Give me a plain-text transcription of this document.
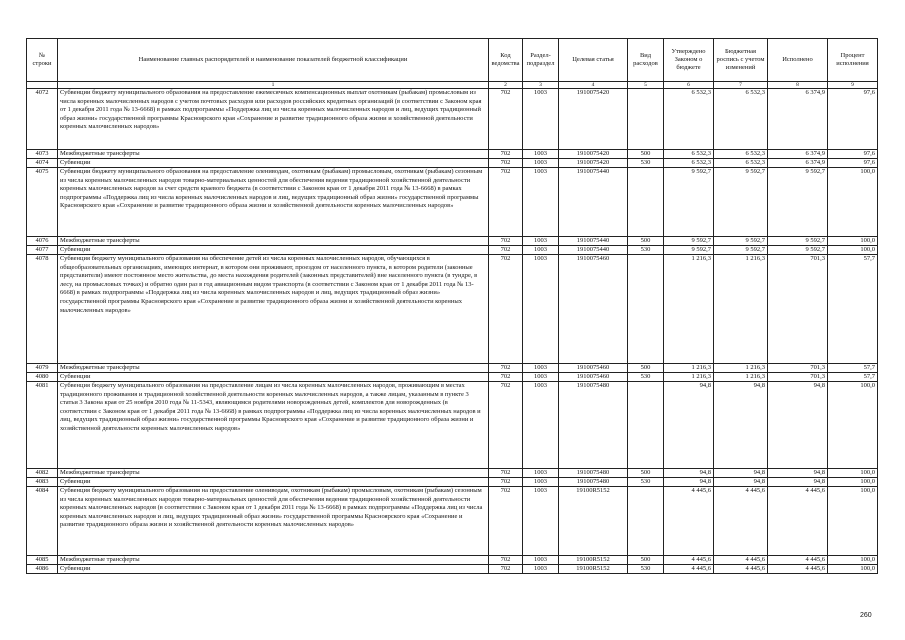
№ строки	Наименование главных распорядителей и наименование показателей бюджетной классификации	Код ведомства	Раздел-подраздел	Целевая статья	Вид расходов	Утверждено Законом о бюджете	Бюджетная роспись с учетом изменений	Исполнено	Процент исполнения
	1	2	3	4	5	6	7	8	9
4072	Субвенции бюджету муниципального образования на предоставление ежемесячных компенсационных выплат охотникам (рыбакам) промысловым из числа коренных малочисленных народов с учетом почтовых расходов или расходов российских кредитных организаций (в соответствии с Законом края от 1 декабря 2011 года № 13-6668) в рамках подпрограммы «Поддержка лиц из числа коренных малочисленных народов и лиц, ведущих традиционный образ жизни» государственной программы Красноярского края «Сохранение и развитие традиционного образа жизни и хозяйственной деятельности коренных малочисленных народов»	702	1003	1910075420		6 532,3	6 532,3	6 374,9	97,6
4073	Межбюджетные трансферты	702	1003	1910075420	500	6 532,3	6 532,3	6 374,9	97,6
4074	Субвенции	702	1003	1910075420	530	6 532,3	6 532,3	6 374,9	97,6
4075	Субвенции бюджету муниципального образования на предоставление олениводам, охотникам (рыбакам) промысловым, охотникам (рыбакам) сезонным из числа коренных малочисленных народов товарно-материальных ценностей для обеспечения ведения традиционной хозяйственной деятельности коренных малочисленных народов за счет средств краевого бюджета (в соответствии с Законом края от 1 декабря 2011 года № 13-6668) в рамках подпрограммы «Поддержка лиц из числа коренных малочисленных народов и лиц, ведущих традиционный образ жизни» государственной программы Красноярского края «Сохранение и развитие традиционного образа жизни и хозяйственной деятельности коренных малочисленных народов»	702	1003	1910075440		9 592,7	9 592,7	9 592,7	100,0
4076	Межбюджетные трансферты	702	1003	1910075440	500	9 592,7	9 592,7	9 592,7	100,0
4077	Субвенции	702	1003	1910075440	530	9 592,7	9 592,7	9 592,7	100,0
4078	Субвенция бюджету муниципального образования на обеспечение детей из числа коренных малочисленных народов, обучающихся в общеобразовательных организациях, имеющих интернат, в котором они проживают, проездом от населенного пункта, в котором родители (законные представители) имеют постоянное место жительства, до места нахождения родителей (законных представителей) вне населенного пункта (в тундре, в лесу, на промысловых точках) и обратно один раз в год авиационным видом транспорта (в соответствии с Законом края от 1 декабря 2011 года № 13-6668) в рамках подпрограммы «Поддержка лиц из числа коренных малочисленных народов и лиц, ведущих традиционный образ жизни» государственной программы Красноярского края «Сохранение и развитие традиционного образа жизни и хозяйственной деятельности коренных малочисленных народов»	702	1003	1910075460		1 216,3	1 216,3	701,3	57,7
4079	Межбюджетные трансферты	702	1003	1910075460	500	1 216,3	1 216,3	701,3	57,7
4080	Субвенции	702	1003	1910075460	530	1 216,3	1 216,3	701,3	57,7
4081	Субвенция бюджету муниципального образования на предоставление лицам из числа коренных малочисленных народов, проживающим в местах традиционного проживания и традиционной хозяйственной деятельности коренных малочисленных народов, а также лицам, указанным в пункте 3 статьи 3 Закона края от 25 ноября 2010 года № 11-5343, являющимся родителями новорожденных детей, комплектов для новорожденных (в соответствии с Законом края от 1 декабря 2011 года № 13-6668) в рамках подпрограммы «Поддержка лиц из числа коренных малочисленных народов и лиц, ведущих традиционный образ жизни» государственной программы Красноярского края «Сохранение и развитие традиционного образа жизни и хозяйственной деятельности коренных малочисленных народов»	702	1003	1910075480		94,8	94,8	94,8	100,0
4082	Межбюджетные трансферты	702	1003	1910075480	500	94,8	94,8	94,8	100,0
4083	Субвенции	702	1003	1910075480	530	94,8	94,8	94,8	100,0
4084	Субвенция бюджету муниципального образования на предоставление олениводам, охотникам (рыбакам) промысловым, охотникам (рыбакам) сезонным из числа коренных малочисленных народов товарно-материальных ценностей для обеспечения ведения традиционной хозяйственной деятельности коренных малочисленных народов (в соответствии с Законом края от 1 декабря 2011 года № 13-6668) в рамках подпрограммы «Поддержка лиц из числа коренных малочисленных народов и лиц, ведущих традиционный образ жизни» государственной программы Красноярского края «Сохранение и развитие традиционного образа жизни и хозяйственной деятельности коренных малочисленных народов»	702	1003	19100R5152		4 445,6	4 445,6	4 445,6	100,0
4085	Межбюджетные трансферты	702	1003	19100R5152	500	4 445,6	4 445,6	4 445,6	100,0
4086	Субвенции	702	1003	19100R5152	530	4 445,6	4 445,6	4 445,6	100,0
260
